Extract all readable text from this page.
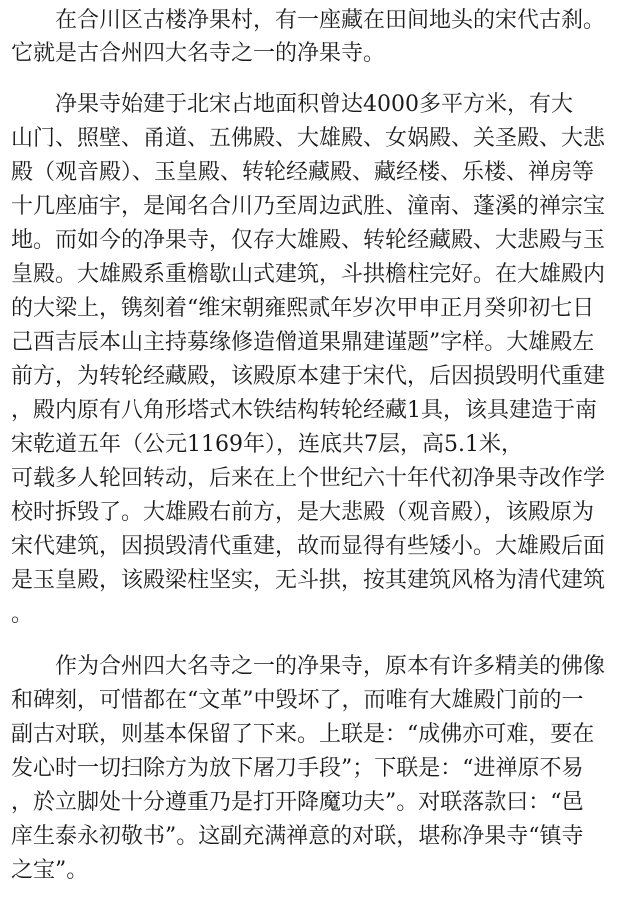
　　在合川区古楼净果村，有一座藏在田间地头的宋代古刹。
它就是古合州四大名寺之一的净果寺。
　　净果寺始建于北宋占地面积曾达4000多平方米，有大
山门、照壁、甬道、五佛殿、大雄殿、女娲殿、关圣殿、大悲
殿（观音殿）、玉皇殿、转轮经藏殿、藏经楼、乐楼、禅房等
十几座庙宇，是闻名合川乃至周边武胜、潼南、蓬溪的禅宗宝
地。而如今的净果寺，仅存大雄殿、转轮经藏殿、大悲殿与玉
皇殿。大雄殿系重檐歇山式建筑，斗拱檐柱完好。在大雄殿内
的大梁上，镌刻着“维宋朝雍熙贰年岁次甲申正月癸卯初七日
己酉吉辰本山主持募缘修造僧道果鼎建谨题”字样。大雄殿左
前方，为转轮经藏殿，该殿原本建于宋代，后因损毁明代重建
，殿内原有八角形塔式木铁结构转轮经藏1具，该具建造于南
宋乾道五年（公元1169年），连底共7层，高5.1米，
可载多人轮回转动，后来在上个世纪六十年代初净果寺改作学
校时拆毁了。大雄殿右前方，是大悲殿（观音殿），该殿原为
宋代建筑，因损毁清代重建，故而显得有些矮小。大雄殿后面
是玉皇殿，该殿梁柱坚实，无斗拱，按其建筑风格为清代建筑
。
　　作为合州四大名寺之一的净果寺，原本有许多精美的佛像
和碑刻，可惜都在“文革”中毁坏了，而唯有大雄殿门前的一
副古对联，则基本保留了下来。上联是：“成佛亦可难，要在
发心时一切扫除方为放下屠刀手段”；下联是：“进禅原不易
，於立脚处十分遵重乃是打开降魔功夫”。对联落款曰：“邑
庠生泰永初敬书”。这副充满禅意的对联，堪称净果寺“镇寺
之宝”。
